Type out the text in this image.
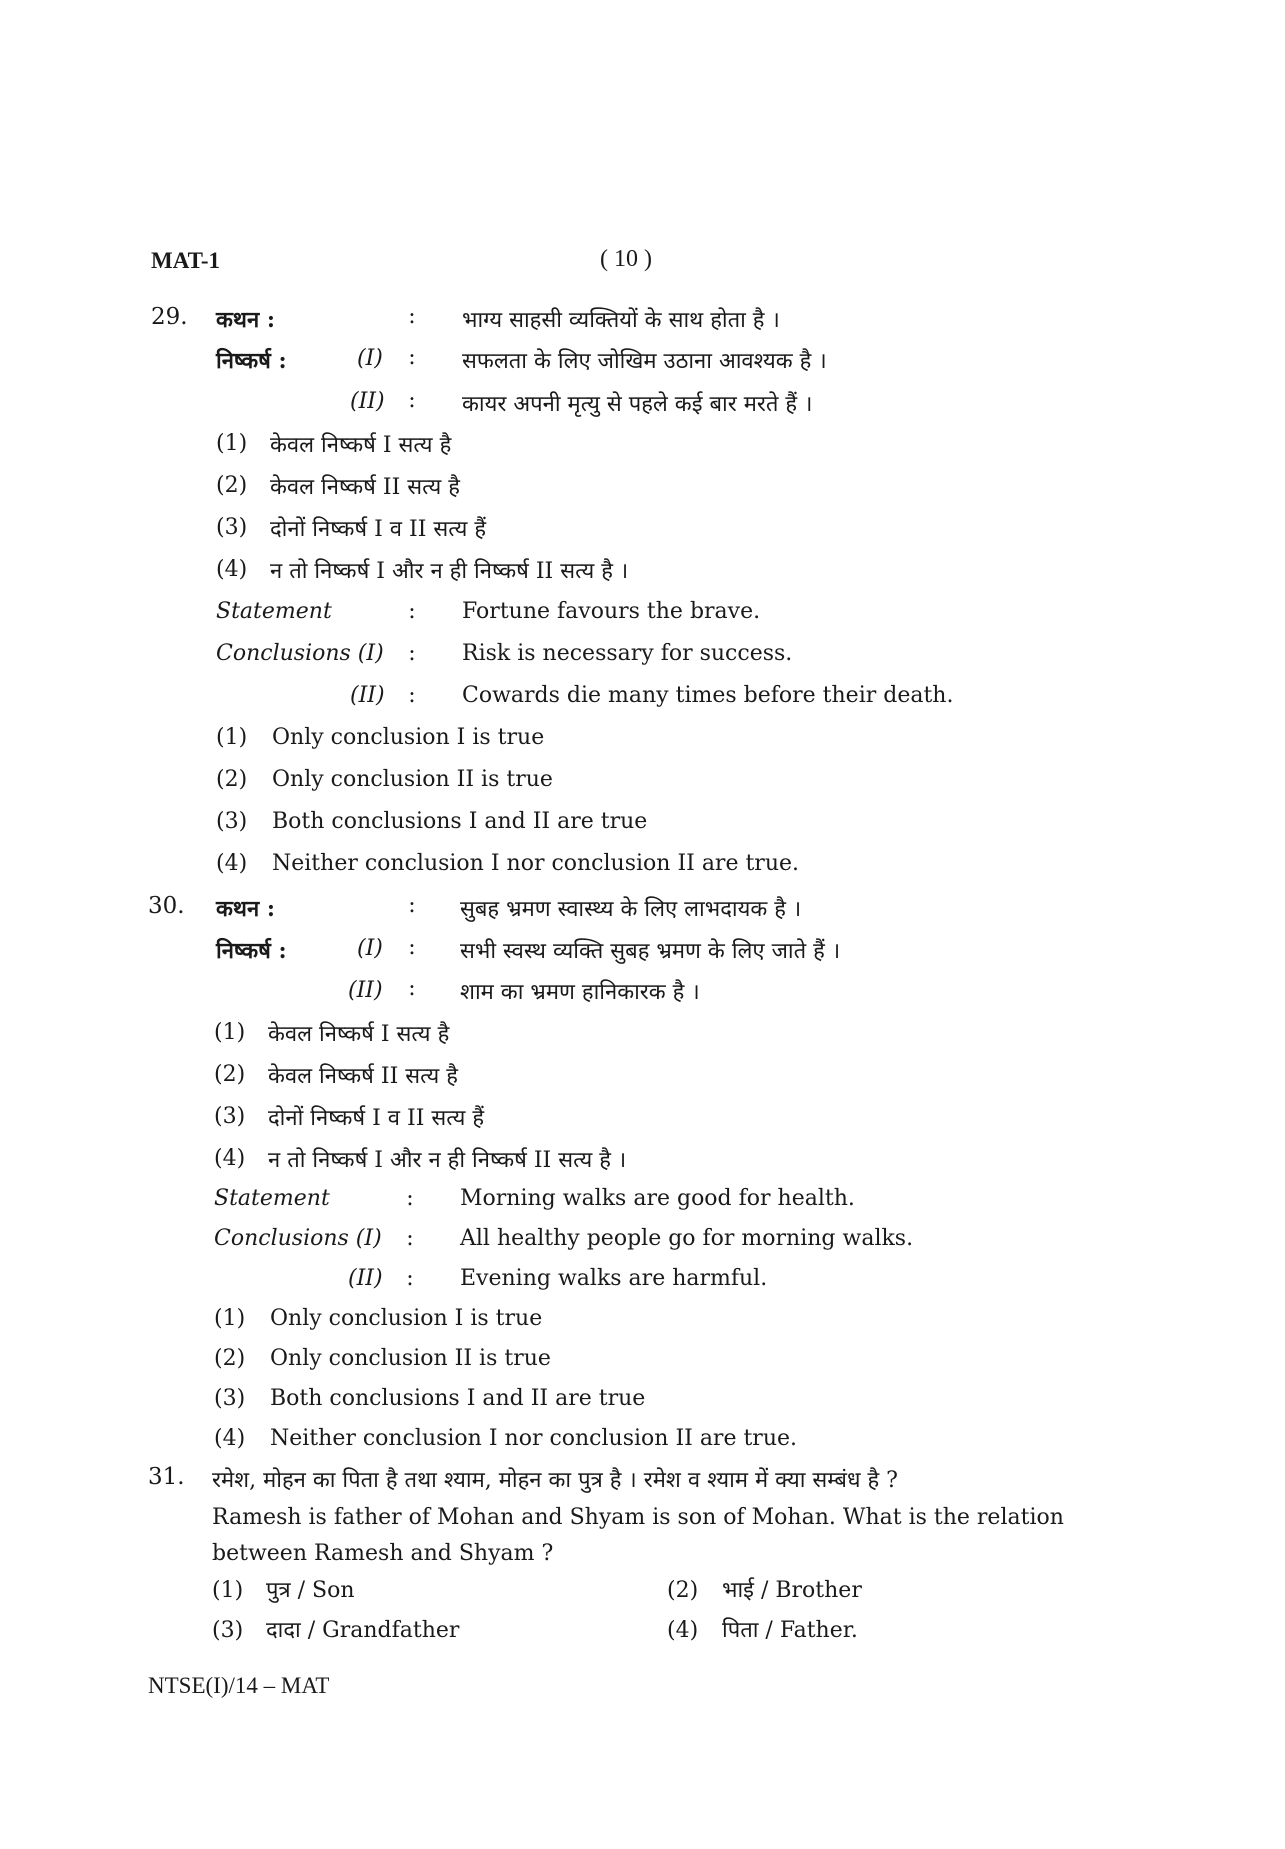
MAT-1	( 10 )
29. कथन :	: भाग्य साहसी व्यक्तियों के साथ होता है ।
निष्कर्ष :	(I) : सफलता के लिए जोखिम उठाना आवश्यक है ।
(II) : कायर अपनी मृत्यु से पहले कई बार मरते हैं ।
(1) केवल निष्कर्ष I सत्य है
(2) केवल निष्कर्ष II सत्य है
(3) दोनों निष्कर्ष I व II सत्य हैं
(4) न तो निष्कर्ष I और न ही निष्कर्ष II सत्य है ।
Statement	: Fortune favours the brave.
Conclusions (I) : Risk is necessary for success.
(II) : Cowards die many times before their death.
(1) Only conclusion I is true
(2) Only conclusion II is true
(3) Both conclusions I and II are true
(4) Neither conclusion I nor conclusion II are true.
30. कथन :	: सुबह भ्रमण स्वास्थ्य के लिए लाभदायक है ।
निष्कर्ष :	(I) : सभी स्वस्थ व्यक्ति सुबह भ्रमण के लिए जाते हैं ।
(II) : शाम का भ्रमण हानिकारक है ।
(1) केवल निष्कर्ष I सत्य है
(2) केवल निष्कर्ष II सत्य है
(3) दोनों निष्कर्ष I व II सत्य हैं
(4) न तो निष्कर्ष I और न ही निष्कर्ष II सत्य है ।
Statement	: Morning walks are good for health.
Conclusions (I) : All healthy people go for morning walks.
(II) : Evening walks are harmful.
(1) Only conclusion I is true
(2) Only conclusion II is true
(3) Both conclusions I and II are true
(4) Neither conclusion I nor conclusion II are true.
31. रमेश, मोहन का पिता है तथा श्याम, मोहन का पुत्र है । रमेश व श्याम में क्या सम्बंध है ?
Ramesh is father of Mohan and Shyam is son of Mohan. What is the relation between Ramesh and Shyam ?
(1) पुत्र / Son	(2) भाई / Brother
(3) दादा / Grandfather	(4) पिता / Father.
NTSE(I)/14 – MAT
